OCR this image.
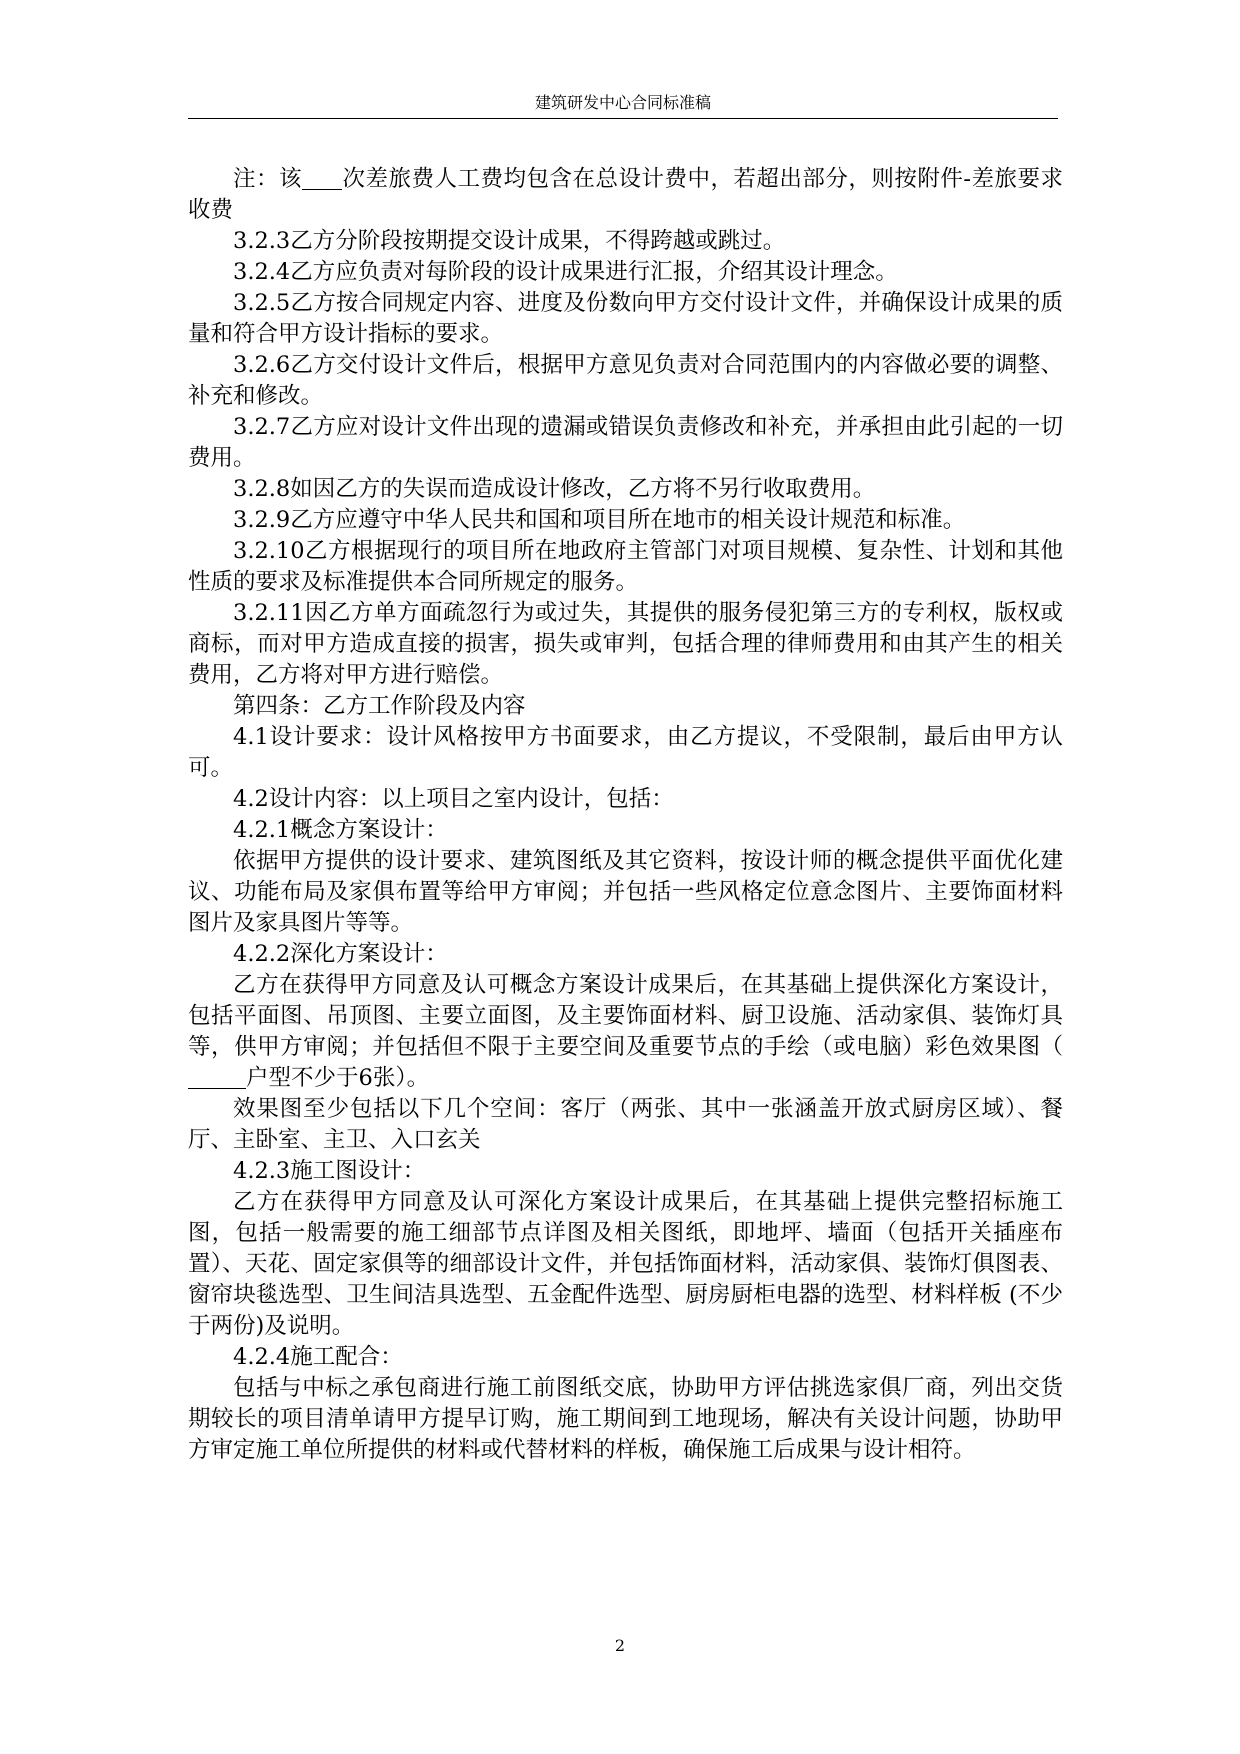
建筑研发中心合同标准稿

注：该 次差旅费人工费均包含在总设计费中，若超出部分，则按附件-差旅要求收费

3.2.3乙方分阶段按期提交设计成果，不得跨越或跳过。

3.2.4乙方应负责对每阶段的设计成果进行汇报，介绍其设计理念。

3.2.5乙方按合同规定内容、进度及份数向甲方交付设计文件，并确保设计成果的质量和符合甲方设计指标的要求。

3.2.6乙方交付设计文件后，根据甲方意见负责对合同范围内的内容做必要的调整、补充和修改。

3.2.7乙方应对设计文件出现的遗漏或错误负责修改和补充，并承担由此引起的一切费用。

3.2.8如因乙方的失误而造成设计修改，乙方将不另行收取费用。

3.2.9乙方应遵守中华人民共和国和项目所在地市的相关设计规范和标准。

3.2.10乙方根据现行的项目所在地政府主管部门对项目规模、复杂性、计划和其他性质的要求及标准提供本合同所规定的服务。

3.2.11因乙方单方面疏忽行为或过失，其提供的服务侵犯第三方的专利权，版权或商标，而对甲方造成直接的损害，损失或审判，包括合理的律师费用和由其产生的相关费用，乙方将对甲方进行赔偿。

第四条：乙方工作阶段及内容

4.1设计要求：设计风格按甲方书面要求，由乙方提议，不受限制，最后由甲方认可。

4.2设计内容：以上项目之室内设计，包括：

4.2.1概念方案设计：

依据甲方提供的设计要求、建筑图纸及其它资料，按设计师的概念提供平面优化建议、功能布局及家俱布置等给甲方审阅；并包括一些风格定位意念图片、主要饰面材料图片及家具图片等等。

4.2.2深化方案设计：

乙方在获得甲方同意及认可概念方案设计成果后，在其基础上提供深化方案设计，包括平面图、吊顶图、主要立面图，及主要饰面材料、厨卫设施、活动家俱、装饰灯具等，供甲方审阅；并包括但不限于主要空间及重要节点的手绘（或电脑）彩色效果图（户型不少于6张）。

效果图至少包括以下几个空间：客厅（两张、其中一张涵盖开放式厨房区域）、餐厅、主卧室、主卫、入口玄关

4.2.3施工图设计：

乙方在获得甲方同意及认可深化方案设计成果后，在其基础上提供完整招标施工图，包括一般需要的施工细部节点详图及相关图纸，即地坪、墙面（包括开关插座布置）、天花、固定家俱等的细部设计文件，并包括饰面材料，活动家俱、装饰灯俱图表、窗帘块毯选型、卫生间洁具选型、五金配件选型、厨房厨柜电器的选型、材料样板 (不少于两份)及说明。

4.2.4施工配合：

包括与中标之承包商进行施工前图纸交底，协助甲方评估挑选家俱厂商，列出交货期较长的项目清单请甲方提早订购，施工期间到工地现场，解决有关设计问题，协助甲方审定施工单位所提供的材料或代替材料的样板，确保施工后成果与设计相符。

2
